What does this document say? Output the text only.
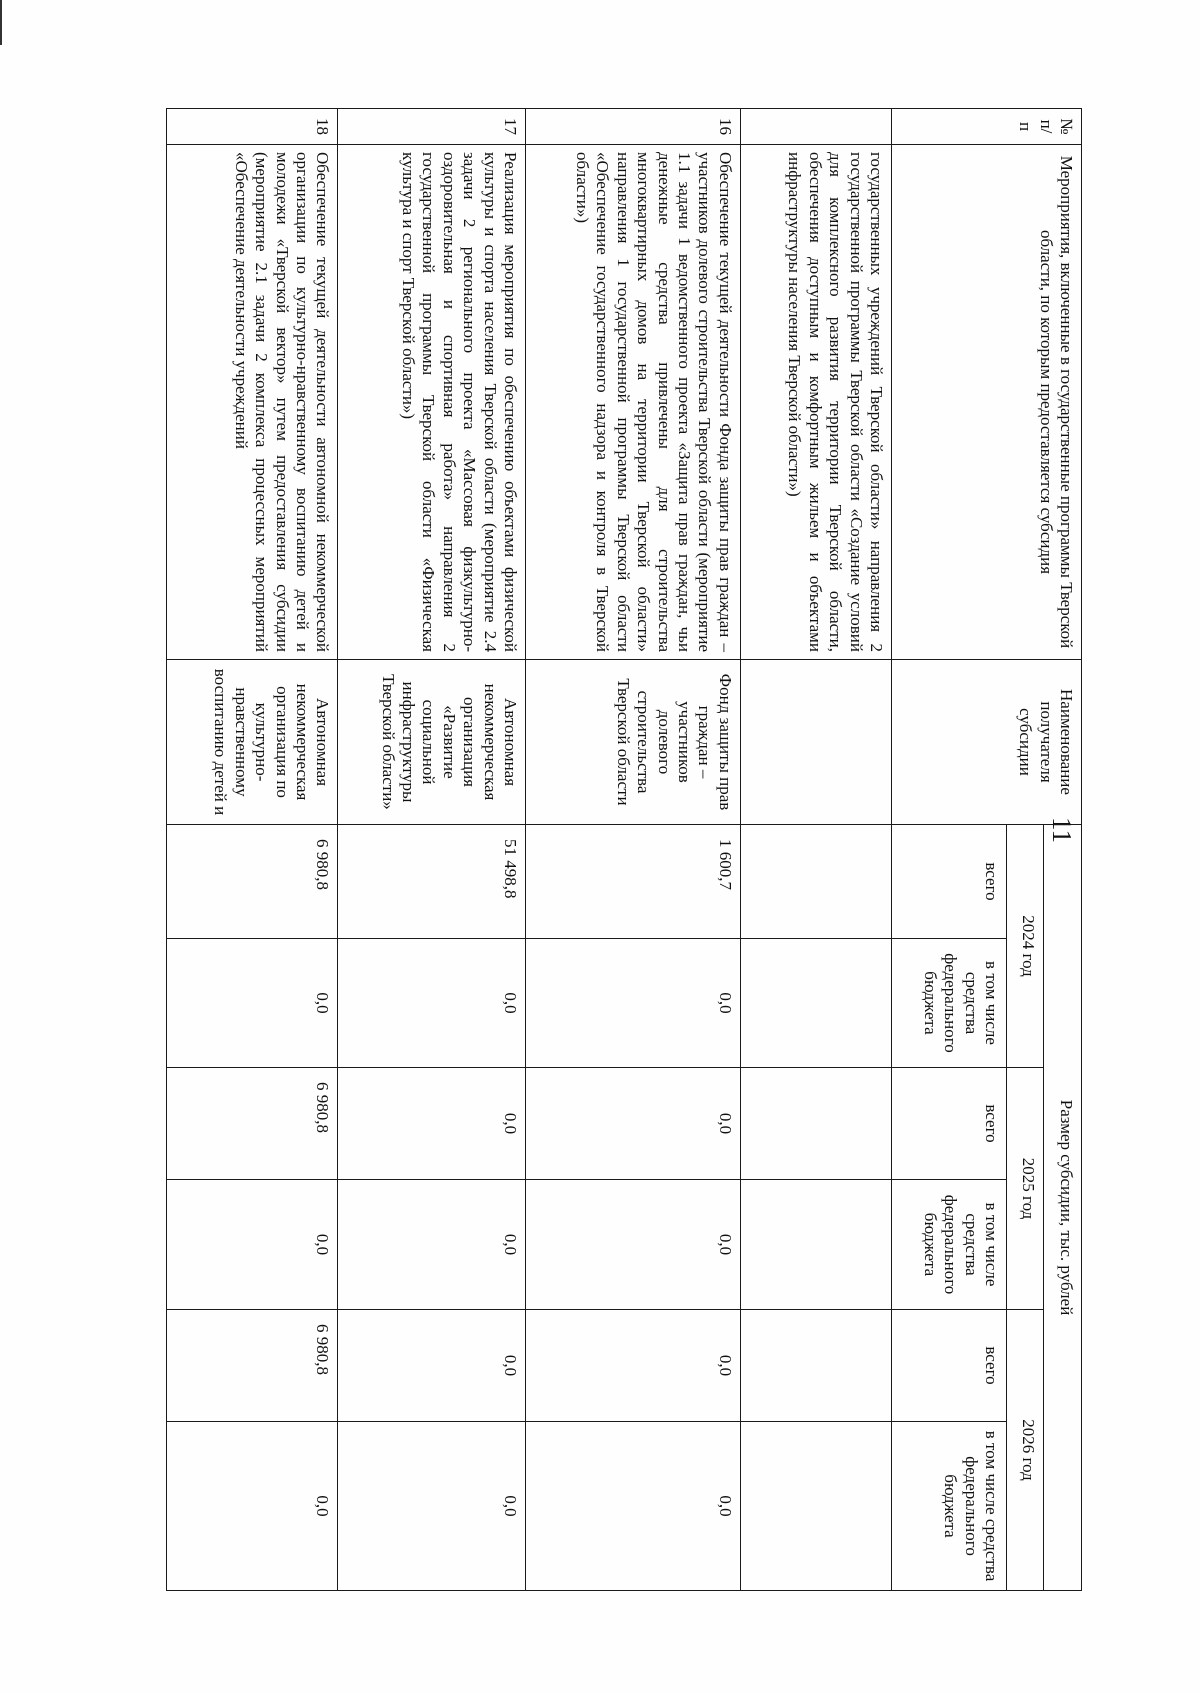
11
№ п/п	Мероприятия, включенные в государственные программы Тверской области, по которым предоставляется субсидия	Наименование получателя субсидии	Размер субсидии, тыс. рублей					
			2024 год		2025 год		2026 год	
			всего	в том числе средства федерального бюджета	всего	в том числе средства федерального бюджета	всего	в том числе средства федерального бюджета
	государственных учреждений Тверской области» направления 2 государственной программы Тверской области «Создание условий для комплексного развития территории Тверской области, обеспечения доступным и комфортным жильем и объектами инфраструктуры населения Тверской области»)							
16	Обеспечение текущей деятельности Фонда защиты прав граждан – участников долевого строительства Тверской области (мероприятие 1.1 задачи 1 ведомственного проекта «Защита прав граждан, чьи денежные средства привлечены для строительства многоквартирных домов на территории Тверской области» направления 1 государственной программы Тверской области «Обеспечение государственного надзора и контроля в Тверской области»)	Фонд защиты прав граждан – участников долевого строительства Тверской области	1 600,7	0,0	0,0	0,0	0,0	0,0
17	Реализация мероприятия по обеспечению объектами физической культуры и спорта населения Тверской области (мероприятие 2.4 задачи 2 регионального проекта «Массовая физкультурно-оздоровительная и спортивная работа» направления 2 государственной программы Тверской области «Физическая культура и спорт Тверской области»)	Автономная некоммерческая организация «Развитие социальной инфраструктуры Тверской области»	51 498,8	0,0	0,0	0,0	0,0	0,0
18	Обеспечение текущей деятельности автономной некоммерческой организации по культурно-нравственному воспитанию детей и молодежи «Тверской вектор» путем предоставления субсидии (мероприятие 2.1 задачи 2 комплекса процессных мероприятий «Обеспечение деятельности учреждений	Автономная некоммерческая организация по культурно-нравственному воспитанию детей и	6 980,8	0,0	6 980,8	0,0	6 980,8	0,0
